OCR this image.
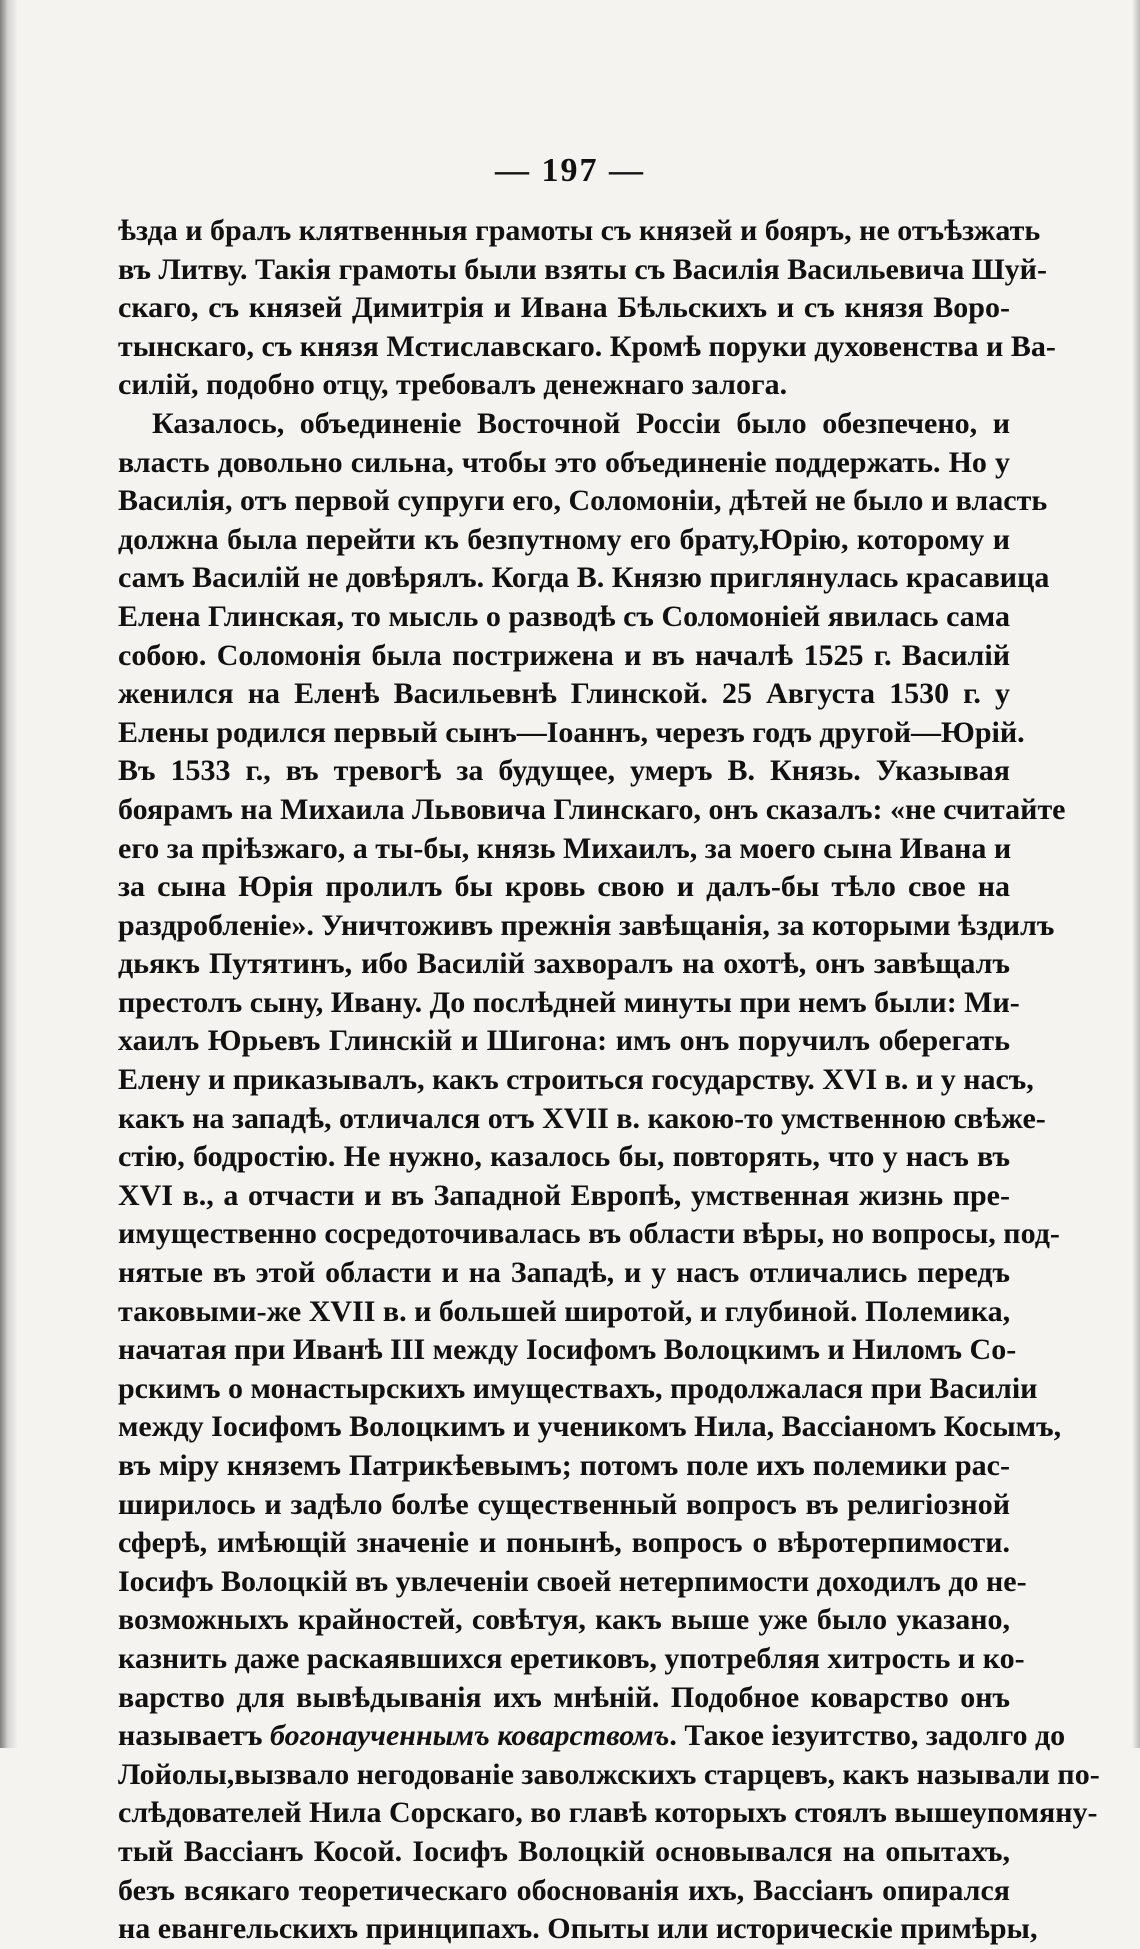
— 197 —
ѣзда и бралъ клятвенныя грамоты съ князей и бояръ, не отъѣзжать
въ Литву. Такія грамоты были взяты съ Василія Васильевича Шуй-
скаго, съ князей Димитрія и Ивана Бѣльскихъ и съ князя Воро-
тынскаго, съ князя Мстиславскаго. Кромѣ поруки духовенства и Ва-
силій, подобно отцу, требовалъ денежнаго залога.
Казалось, объединеніе Восточной Россіи было обезпечено, и
власть довольно сильна, чтобы это объединеніе поддержать. Но у
Василія, отъ первой супруги его, Соломоніи, дѣтей не было и власть
должна была перейти къ безпутному его брату,Юрію, которому и
самъ Василій не довѣрялъ. Когда В. Князю приглянулась красавица
Елена Глинская, то мысль о разводѣ съ Соломоніей явилась сама
собою. Соломонія была пострижена и въ началѣ 1525 г. Василій
женился на Еленѣ Васильевнѣ Глинской. 25 Августа 1530 г. у
Елены родился первый сынъ—Іоаннъ, черезъ годъ другой—Юрій.
Въ 1533 г., въ тревогѣ за будущее, умеръ В. Князь. Указывая
боярамъ на Михаила Львовича Глинскаго, онъ сказалъ: «не считайте
его за пріѣзжаго, а ты-бы, князь Михаилъ, за моего сына Ивана и
за сына Юрія пролилъ бы кровь свою и далъ-бы тѣло свое на
раздробленіе». Уничтоживъ прежнія завѣщанія, за которыми ѣздилъ
дьякъ Путятинъ, ибо Василій захворалъ на охотѣ, онъ завѣщалъ
престолъ сыну, Ивану. До послѣдней минуты при немъ были: Ми-
хаилъ Юрьевъ Глинскій и Шигона: имъ онъ поручилъ оберегать
Елену и приказывалъ, какъ строиться государству. XVI в. и у насъ,
какъ на западѣ, отличался отъ XVII в. какою-то умственною свѣже-
стію, бодростію. Не нужно, казалось бы, повторять, что у насъ въ
XVI в., а отчасти и въ Западной Европѣ, умственная жизнь пре-
имущественно сосредоточивалась въ области вѣры, но вопросы, под-
нятые въ этой области и на Западѣ, и у насъ отличались передъ
таковыми-же XVII в. и большей широтой, и глубиной. Полемика,
начатая при Иванѣ III между Іосифомъ Волоцкимъ и Ниломъ Со-
рскимъ о монастырскихъ имуществахъ, продолжалася при Василіи
между Іосифомъ Волоцкимъ и ученикомъ Нила, Вассіаномъ Косымъ,
въ міру княземъ Патрикѣевымъ; потомъ поле ихъ полемики рас-
ширилось и задѣло болѣе существенный вопросъ въ религіозной
сферѣ, имѣющій значеніе и понынѣ, вопросъ о вѣротерпимости.
Іосифъ Волоцкій въ увлеченіи своей нетерпимости доходилъ до не-
возможныхъ крайностей, совѣтуя, какъ выше уже было указано,
казнить даже раскаявшихся еретиковъ, употребляя хитрость и ко-
варство для вывѣдыванія ихъ мнѣній. Подобное коварство онъ
называетъ богонаученнымъ коварствомъ. Такое іезуитство, задолго до
Лойолы,вызвало негодованіе заволжскихъ старцевъ, какъ называли по-
слѣдователей Нила Сорскаго, во главѣ которыхъ стоялъ вышеупомяну-
тый Вассіанъ Косой. Іосифъ Волоцкій основывался на опытахъ,
безъ всякаго теоретическаго обоснованія ихъ, Вассіанъ опирался
на евангельскихъ принципахъ. Опыты или историческіе примѣры,
